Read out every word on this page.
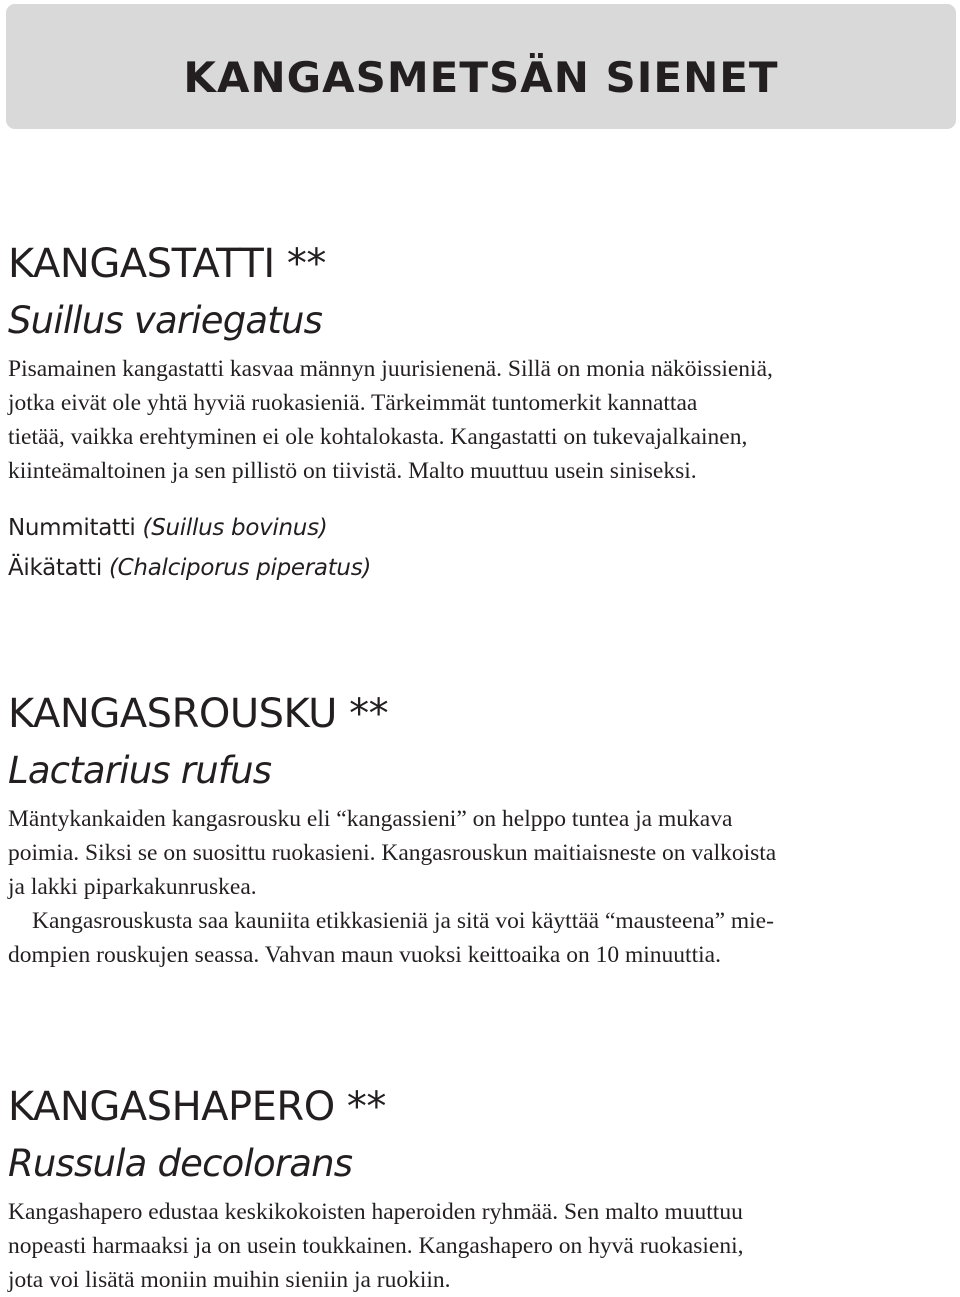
KANGASMETSÄN SIENET
KANGASTATTI **

Suillus variegatus

Pisamainen kangastatti kasvaa männyn juurisienenä. Sillä on monia näköissieniä,
jotka eivät ole yhtä hyviä ruokasieniä. Tärkeimmät tuntomerkit kannattaa
tietää, vaikka erehtyminen ei ole kohtalokasta. Kangastatti on tukevajalkainen,
kiinteämaltoinen ja sen pillistö on tiivistä. Malto muuttuu usein siniseksi.

Nummitatti (Suillus bovinus)
Äikätatti (Chalciporus piperatus)
KANGASROUSKU **

Lactarius rufus

Mäntykankaiden kangasrousku eli “kangassieni” on helppo tuntea ja mukava
poimia. Siksi se on suosittu ruokasieni. Kangasrouskun maitiaisneste on valkoista
ja lakki piparkakunruskea.

Kangasrouskusta saa kauniita etikkasieniä ja sitä voi käyttää “mausteena” mie-
dompien rouskujen seassa. Vahvan maun vuoksi keittoaika on 10 minuuttia.

KANGASHAPERO **

Russula decolorans

Kangashapero edustaa keskikokoisten haperoiden ryhmää. Sen malto muuttuu
nopeasti harmaaksi ja on usein toukkainen. Kangashapero on hyvä ruokasieni,
jota voi lisätä moniin muihin sieniin ja ruokiin.
